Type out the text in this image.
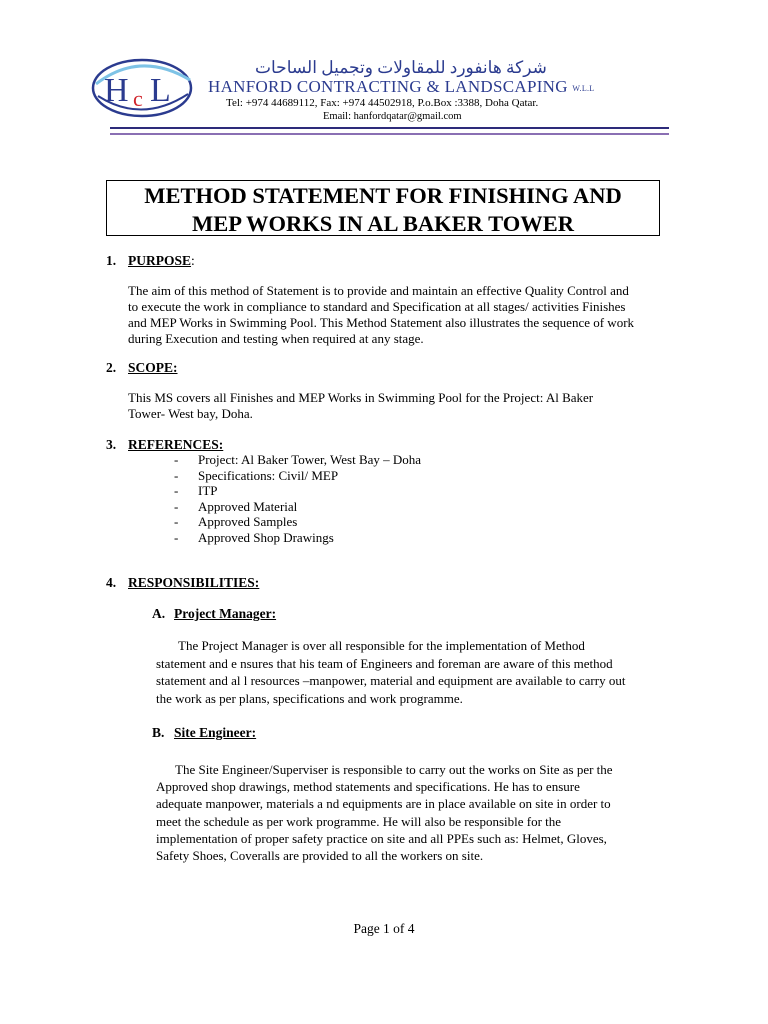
H c L
شركة هانفورد للمقاولات وتجميل الساحات
HANFORD CONTRACTING & LANDSCAPING W.L.L
Tel: +974 44689112, Fax: +974 44502918, P.o.Box :3388, Doha Qatar.
Email: hanfordqatar@gmail.com
METHOD STATEMENT FOR FINISHING AND
MEP WORKS IN AL BAKER TOWER
1. PURPOSE:
The aim of this method of Statement is to provide and maintain an effective Quality Control and
to execute the work in compliance to standard and Specification at all stages/ activities Finishes
and MEP Works in Swimming Pool. This Method Statement also illustrates the sequence of work
during Execution and testing when required at any stage.
2. SCOPE:
This MS covers all Finishes and MEP Works in Swimming Pool for the Project: Al Baker
Tower- West bay, Doha.
3. REFERENCES:
- Project: Al Baker Tower, West Bay – Doha
- Specifications: Civil/ MEP
- ITP
- Approved Material
- Approved Samples
- Approved Shop Drawings
4. RESPONSIBILITIES:
A. Project Manager:
The Project Manager is over all responsible for the implementation of Method
statement and e nsures that his team of Engineers and foreman are aware of this method
statement and al l resources –manpower, material and equipment are available to carry out
the work as per plans, specifications and work programme.
B. Site Engineer:
The Site Engineer/Superviser is responsible to carry out the works on Site as per the
Approved shop drawings, method statements and specifications. He has to ensure
adequate manpower, materials a nd equipments are in place available on site in order to
meet the schedule as per work programme. He will also be responsible for the
implementation of proper safety practice on site and all PPEs such as: Helmet, Gloves,
Safety Shoes, Coveralls are provided to all the workers on site.
Page 1 of 4
